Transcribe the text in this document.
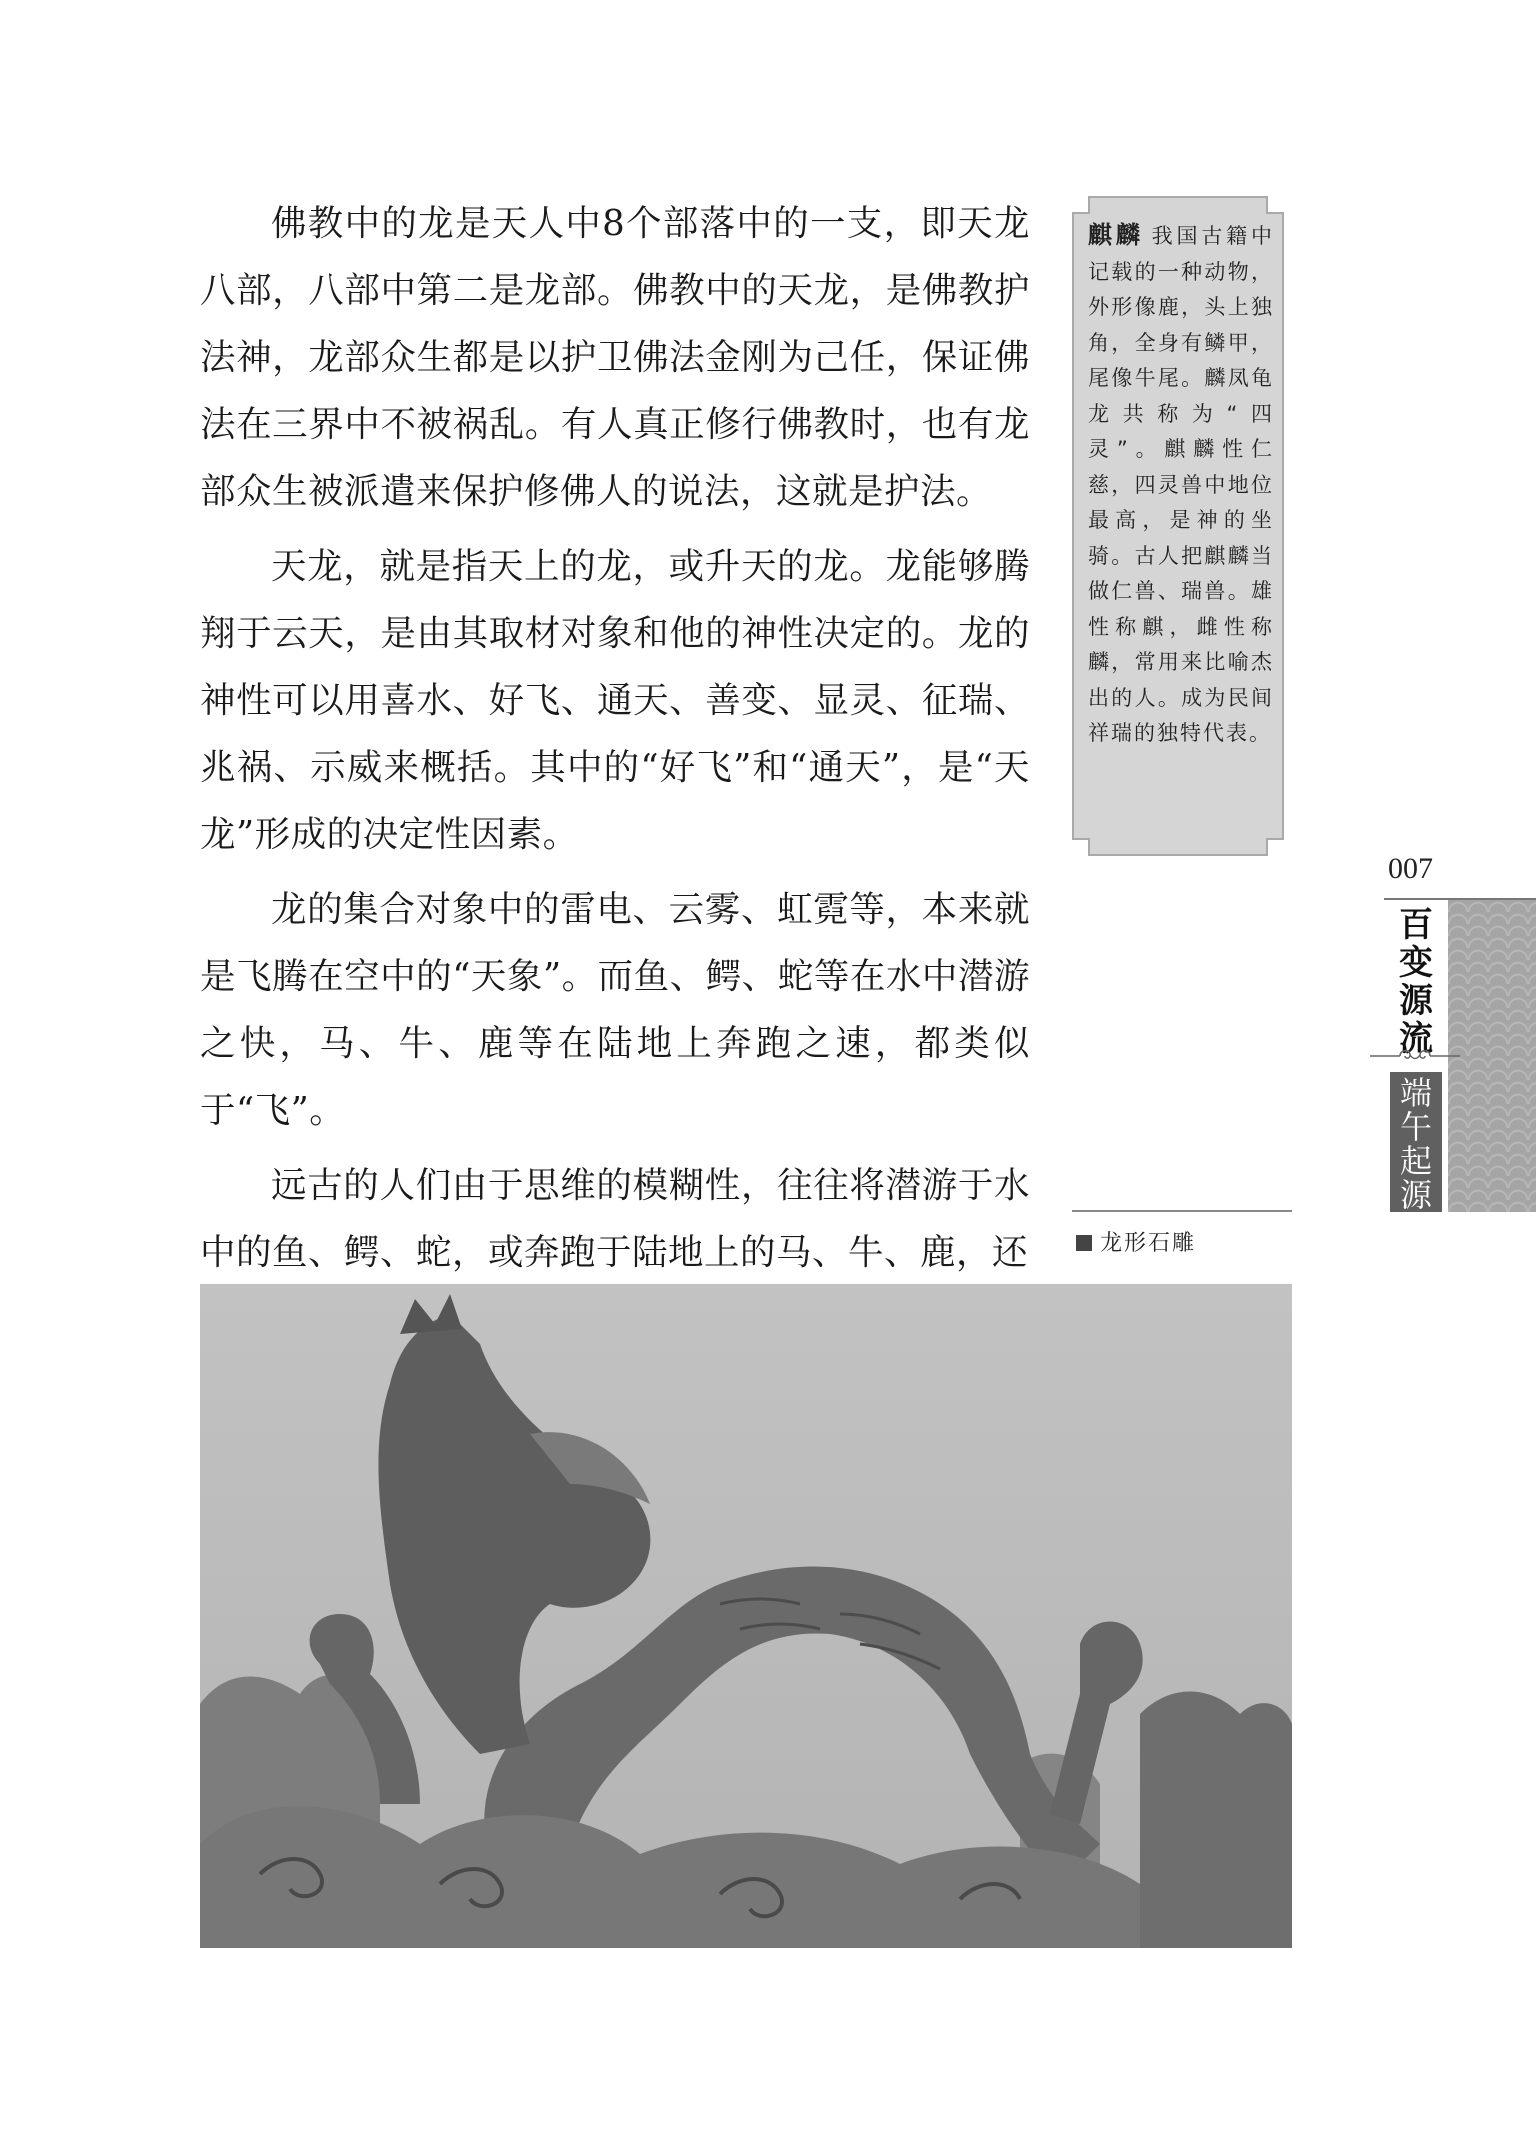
佛教中的龙是天人中8个部落中的一支，即天龙八部，八部中第二是龙部。佛教中的天龙，是佛教护法神，龙部众生都是以护卫佛法金刚为己任，保证佛法在三界中不被祸乱。有人真正修行佛教时，也有龙部众生被派遣来保护修佛人的说法，这就是护法。

天龙，就是指天上的龙，或升天的龙。龙能够腾翔于云天，是由其取材对象和他的神性决定的。龙的神性可以用喜水、好飞、通天、善变、显灵、征瑞、兆祸、示威来概括。其中的“好飞”和“通天”，是“天龙”形成的决定性因素。

龙的集合对象中的雷电、云雾、虹霓等，本来就是飞腾在空中的“天象”。而鱼、鳄、蛇等在水中潜游之快，马、牛、鹿等在陆地上奔跑之速，都类似于“飞”。

远古的人们由于思维的模糊性，往往将潜游于水中的鱼、鳄、蛇，或奔跑于陆地上的马、牛、鹿，还

麒麟 我国古籍中记载的一种动物，外形像鹿，头上独角，全身有鳞甲，尾像牛尾。麟凤龟龙共称为“四灵”。麒麟性仁慈，四灵兽中地位最高，是神的坐骑。古人把麒麟当做仁兽、瑞兽。雄性称麒，雌性称麟，常用来比喻杰出的人。成为民间祥瑞的独特代表。
007
百
变
源
流
端
午
起
源
龙形石雕
